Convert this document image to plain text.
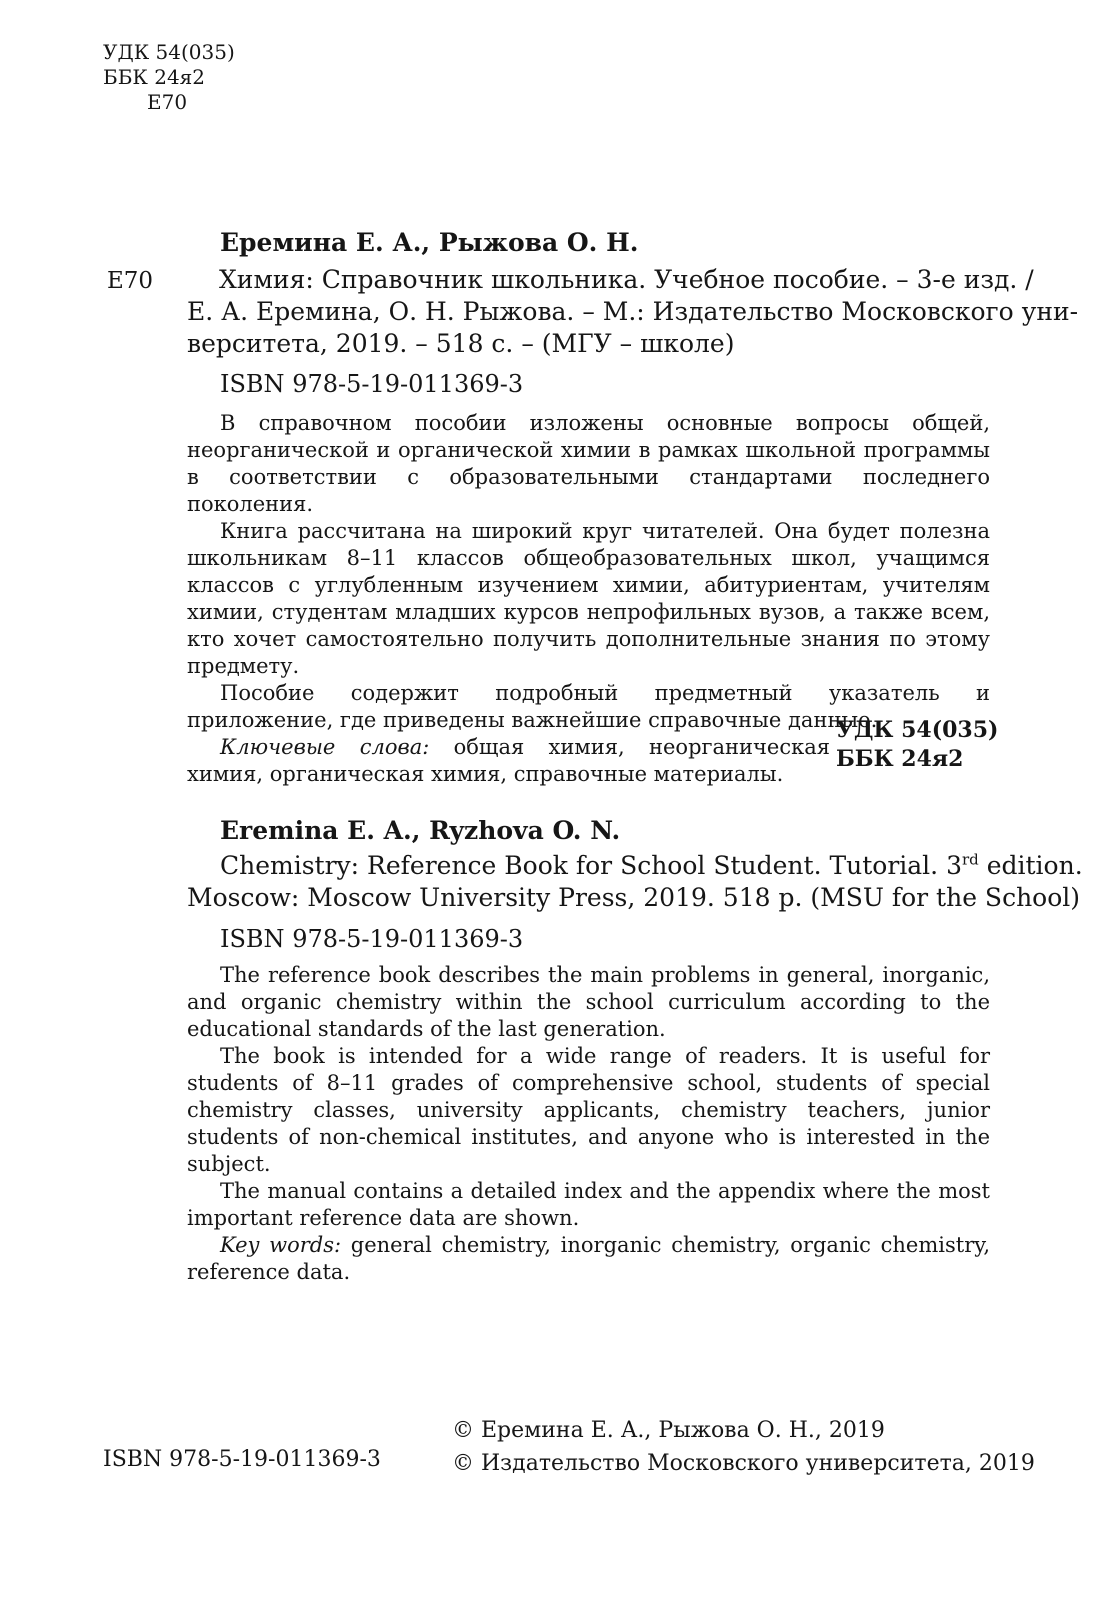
УДК 54(035)
ББК 24я2
Е70
Еремина Е. А., Рыжова О. Н.
Е70	Химия: Справочник школьника. Учебное пособие. – 3-е изд. /
Е. А. Еремина, О. Н. Рыжова. – М.: Издательство Московского уни-
верситета, 2019. – 518 с. – (МГУ – школе)
ISBN 978-5-19-011369-3

В справочном пособии изложены основные вопросы общей, неорганической и органической химии в рамках школьной программы в соответствии с образовательными стандартами последнего поколения.

Книга рассчитана на широкий круг читателей. Она будет полезна школьникам 8–11 классов общеобразовательных школ, учащимся классов с углубленным изучением химии, абитуриентам, учителям химии, студентам младших курсов непрофильных вузов, а также всем, кто хочет самостоятельно получить дополнительные знания по этому предмету.

Пособие содержит подробный предметный указатель и приложение, где приведены важнейшие справочные данные.

Ключевые слова: общая химия, неорганическая химия, органическая химия, справочные материалы.

УДК 54(035)
ББК 24я2
Eremina E. A., Ryzhova O. N.
Chemistry: Reference Book for School Student. Tutorial. 3rd edition.
Moscow: Moscow University Press, 2019. 518 p. (MSU for the School)
ISBN 978-5-19-011369-3

The reference book describes the main problems in general, inorganic, and organic chemistry within the school curriculum according to the educational standards of the last generation.

The book is intended for a wide range of readers. It is useful for students of 8–11 grades of comprehensive school, students of special chemistry classes, university applicants, chemistry teachers, junior students of non-chemical institutes, and anyone who is interested in the subject.

The manual contains a detailed index and the appendix where the most important reference data are shown.

Key words: general chemistry, inorganic chemistry, organic chemistry, reference data.

ISBN 978-5-19-011369-3
© Еремина Е. А., Рыжова О. Н., 2019
© Издательство Московского университета, 2019
